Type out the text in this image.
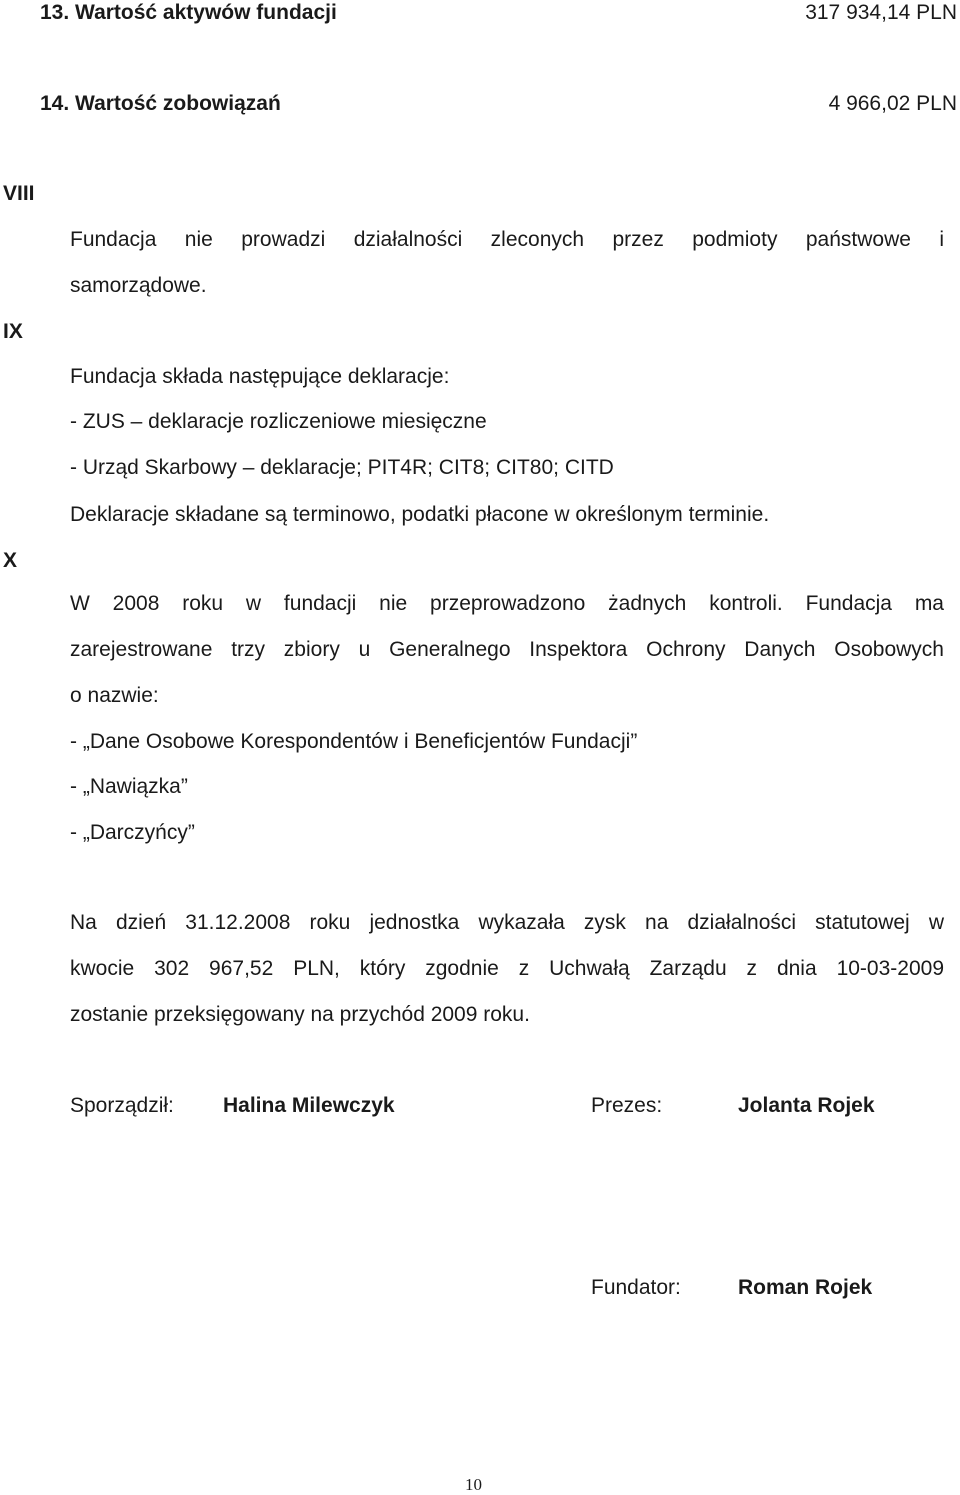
13. Wartość aktywów fundacji	317 934,14 PLN
14. Wartość zobowiązań	4 966,02 PLN
VIII
Fundacja nie prowadzi działalności zleconych przez podmioty państwowe i
samorządowe.
IX
Fundacja składa następujące deklaracje:
- ZUS – deklaracje rozliczeniowe miesięczne
- Urząd Skarbowy – deklaracje; PIT4R; CIT8; CIT80; CITD
Deklaracje składane są terminowo, podatki płacone w określonym terminie.
X
W 2008 roku w fundacji nie przeprowadzono żadnych kontroli. Fundacja ma
zarejestrowane trzy zbiory u Generalnego Inspektora Ochrony Danych Osobowych
o nazwie:
- „Dane Osobowe Korespondentów i Beneficjentów Fundacji”
- „Nawiązka”
- „Darczyńcy”
Na dzień 31.12.2008 roku jednostka wykazała zysk na działalności statutowej w
kwocie 302 967,52 PLN, który zgodnie z Uchwałą Zarządu z dnia 10-03-2009
zostanie przeksięgowany na przychód 2009 roku.
Sporządził: Halina Milewczyk	Prezes:	Jolanta Rojek
Fundator:	Roman Rojek
10
